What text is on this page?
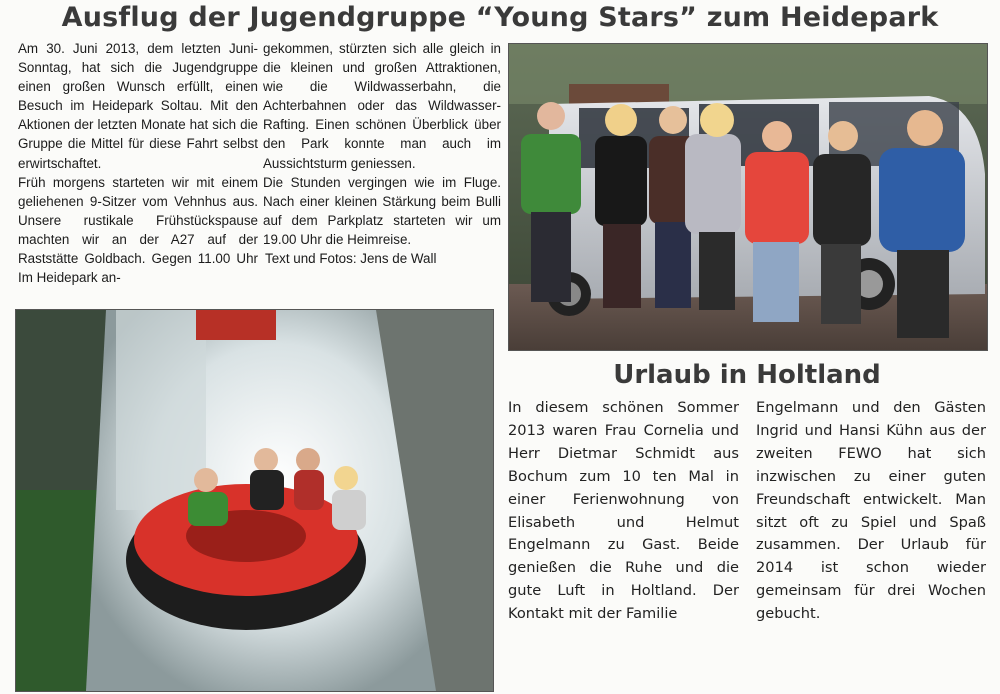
Ausflug der Jugendgruppe “Young Stars” zum Heidepark

Am 30. Juni 2013, dem letzten Juni-Sonntag, hat sich die Jugendgruppe einen großen Wunsch erfüllt, einen Besuch im Heidepark Soltau. Mit den Aktionen der letzten Monate hat sich die Gruppe die Mittel für diese Fahrt selbst erwirtschaftet.

Früh morgens starteten wir mit einem geliehenen 9-Sitzer vom Vehnhus aus. Unsere rustikale Frühstückspause machten wir an der A27 auf der Raststätte Goldbach. Gegen 11.00 Uhr Im Heidepark an-

gekommen, stürzten sich alle gleich in die kleinen und großen Attraktionen, wie die Wildwasserbahn, die Achterbahnen oder das Wildwasser-Rafting. Einen schönen Überblick über den Park konnte man auch im Aussichtsturm geniessen.

Die Stunden vergingen wie im Fluge. Nach einer kleinen Stärkung beim Bulli auf dem Parkplatz starteten wir um 19.00 Uhr die Heimreise.

Text und Fotos: Jens de Wall

Urlaub in Holtland

In diesem schönen Sommer 2013 waren Frau Cornelia und Herr Dietmar Schmidt aus Bochum zum 10 ten Mal in einer Ferienwohnung von Elisabeth und Helmut Engelmann zu Gast. Beide genießen die Ruhe und die gute Luft in Holtland. Der Kontakt mit der Familie

Engelmann und den Gästen Ingrid und Hansi Kühn aus der zweiten FEWO hat sich inzwischen zu einer guten Freundschaft entwickelt. Man sitzt oft zu Spiel und Spaß zusammen. Der Urlaub für 2014 ist schon wieder gemeinsam für drei Wochen gebucht.
